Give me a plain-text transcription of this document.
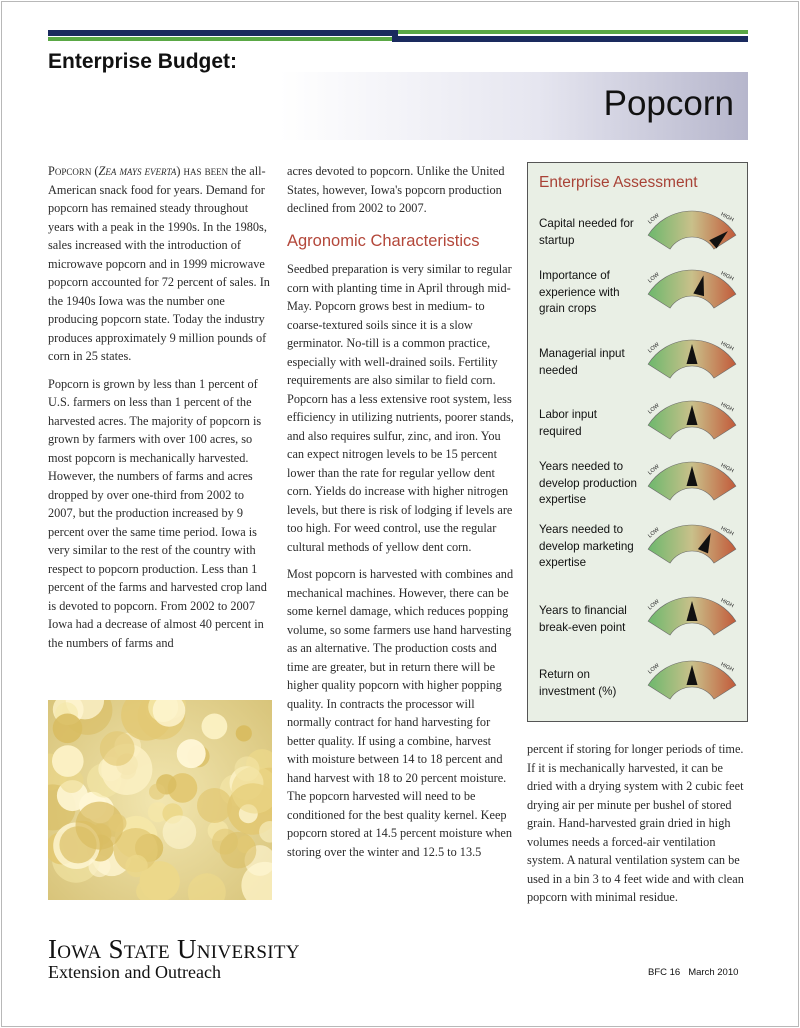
Enterprise Budget:
Popcorn

Popcorn (Zea mays everta) has been the all-American snack food for years. Demand for popcorn has remained steady throughout years with a peak in the 1990s. In the 1980s, sales increased with the introduction of microwave popcorn and in 1999 microwave popcorn accounted for 72 percent of sales. In the 1940s Iowa was the number one producing popcorn state. Today the industry produces approximately 9 million pounds of corn in 25 states.

Popcorn is grown by less than 1 percent of U.S. farmers on less than 1 percent of the harvested acres. The majority of popcorn is grown by farmers with over 100 acres, so most popcorn is mechanically harvested. However, the numbers of farms and acres dropped by over one-third from 2002 to 2007, but the production increased by 9 percent over the same time period. Iowa is very similar to the rest of the country with respect to popcorn production. Less than 1 percent of the farms and harvested crop land is devoted to popcorn. From 2002 to 2007 Iowa had a decrease of almost 40 percent in the numbers of farms and

acres devoted to popcorn. Unlike the United States, however, Iowa's popcorn production declined from 2002 to 2007.

Agronomic Characteristics

Seedbed preparation is very similar to regular corn with planting time in April through mid-May. Popcorn grows best in medium- to coarse-textured soils since it is a slow germinator. No-till is a common practice, especially with well-drained soils. Fertility requirements are also similar to field corn. Popcorn has a less extensive root system, less efficiency in utilizing nutrients, poorer stands, and also requires sulfur, zinc, and iron. You can expect nitrogen levels to be 15 percent lower than the rate for regular yellow dent corn. Yields do increase with higher nitrogen levels, but there is risk of lodging if levels are too high. For weed control, use the regular cultural methods of yellow dent corn.

Most popcorn is harvested with combines and mechanical machines. However, there can be some kernel damage, which reduces popping volume, so some farmers use hand harvesting as an alternative. The production costs and time are greater, but in return there will be higher quality popcorn with higher popping quality. In contracts the processor will normally contract for hand harvesting for better quality. If using a combine, harvest with moisture between 14 to 18 percent and hand harvest with 18 to 20 percent moisture. The popcorn harvested will need to be conditioned for the best quality kernel. Keep popcorn stored at 14.5 percent moisture when storing over the winter and 12.5 to 13.5

percent if storing for longer periods of time. If it is mechanically harvested, it can be dried with a drying system with 2 cubic feet drying air per minute per bushel of stored grain. Hand-harvested grain dried in high volumes needs a forced-air ventilation system. A natural ventilation system can be used in a bin 3 to 4 feet wide and with clean popcorn with minimal residue.

Enterprise Assessment
Capital needed for startup
LOW	HIGH
Importance of experience with grain crops
LOW	HIGH
Managerial input needed
LOW	HIGH
Labor input required
LOW	HIGH
Years needed to develop production expertise
LOW	HIGH
Years needed to develop marketing expertise
LOW	HIGH
Years to financial break-even point
LOW	HIGH
Return on investment (%)
LOW	HIGH
Iowa State University
Extension and Outreach	BFC 16 March 2010
